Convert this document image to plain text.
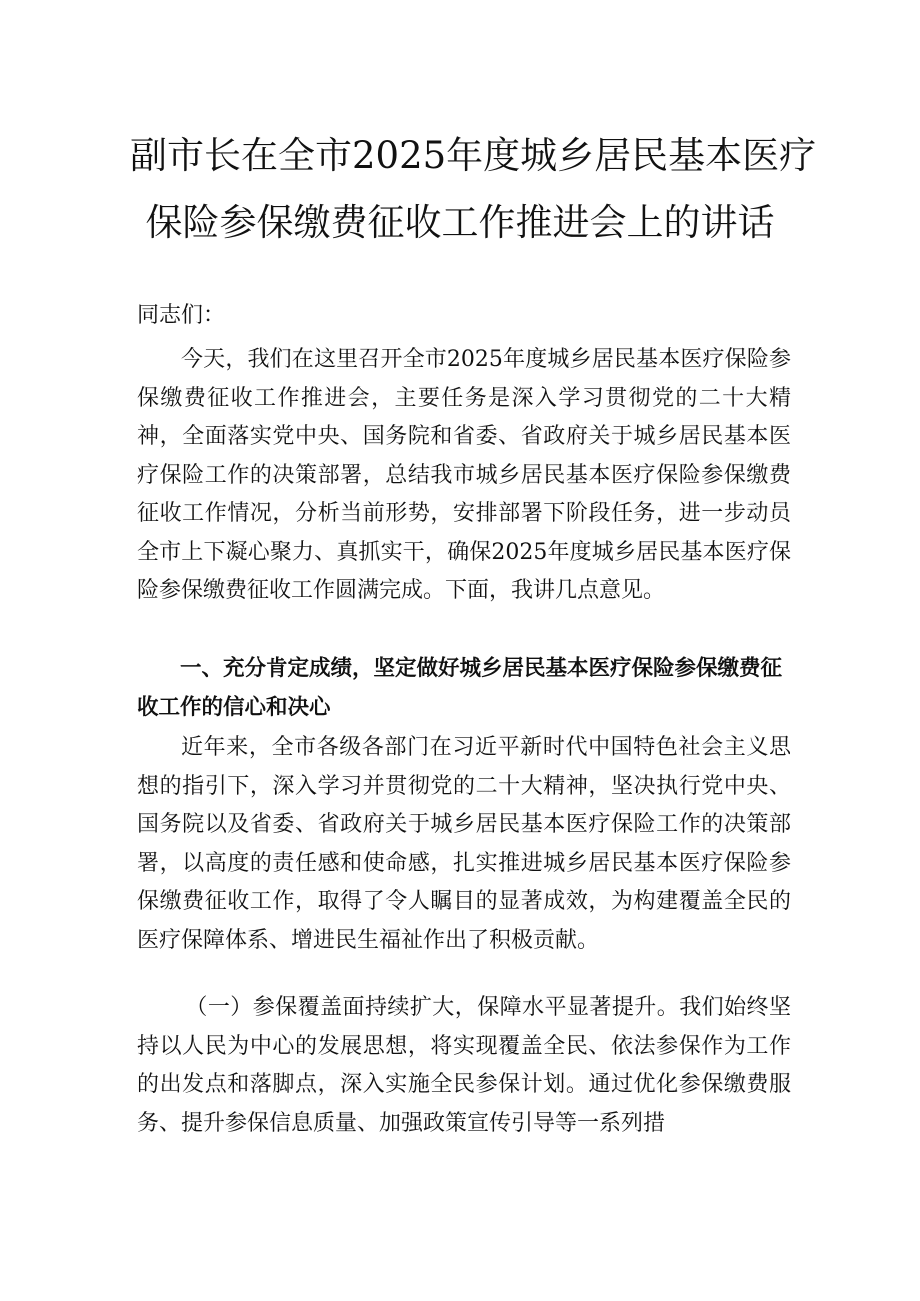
副市长在全市2025年度城乡居民基本医疗
保险参保缴费征收工作推进会上的讲话
同志们：

今天，我们在这里召开全市2025年度城乡居民基本医疗保险参保缴费征收工作推进会，主要任务是深入学习贯彻党的二十大精神，全面落实党中央、国务院和省委、省政府关于城乡居民基本医疗保险工作的决策部署，总结我市城乡居民基本医疗保险参保缴费征收工作情况，分析当前形势，安排部署下阶段任务，进一步动员全市上下凝心聚力、真抓实干，确保2025年度城乡居民基本医疗保险参保缴费征收工作圆满完成。下面，我讲几点意见。

一、充分肯定成绩，坚定做好城乡居民基本医疗保险参保缴费征收工作的信心和决心

近年来，全市各级各部门在习近平新时代中国特色社会主义思想的指引下，深入学习并贯彻党的二十大精神，坚决执行党中央、国务院以及省委、省政府关于城乡居民基本医疗保险工作的决策部署，以高度的责任感和使命感，扎实推进城乡居民基本医疗保险参保缴费征收工作，取得了令人瞩目的显著成效，为构建覆盖全民的医疗保障体系、增进民生福祉作出了积极贡献。

（一）参保覆盖面持续扩大，保障水平显著提升。我们始终坚持以人民为中心的发展思想，将实现覆盖全民、依法参保作为工作的出发点和落脚点，深入实施全民参保计划。通过优化参保缴费服务、提升参保信息质量、加强政策宣传引导等一系列措
